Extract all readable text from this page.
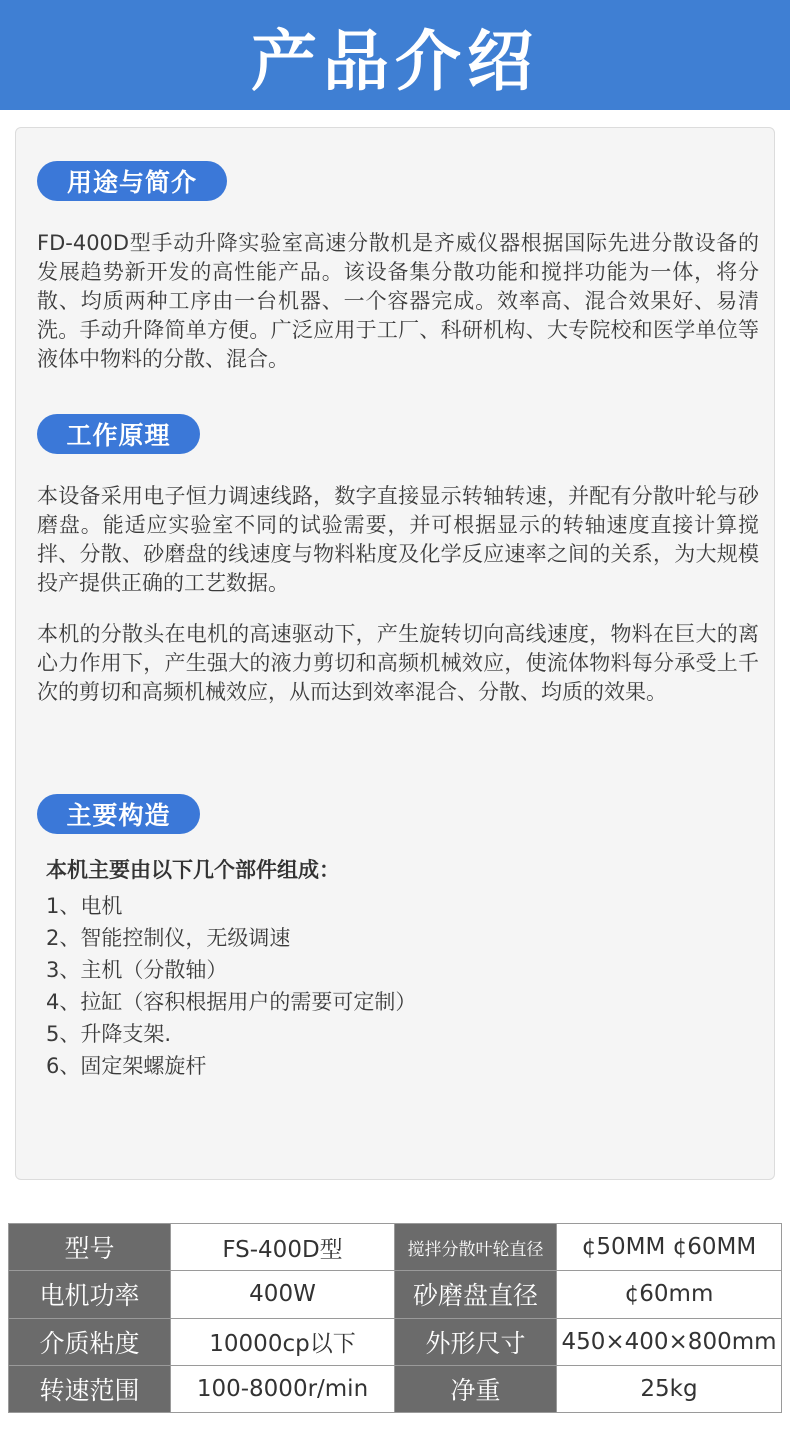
产品介绍
用途与简介

FD-400D型手动升降实验室高速分散机是齐威仪器根据国际先进分散设备的发展趋势新开发的高性能产品。该设备集分散功能和搅拌功能为一体，将分散、均质两种工序由一台机器、一个容器完成。效率高、混合效果好、易清洗。手动升降简单方便。广泛应用于工厂、科研机构、大专院校和医学单位等液体中物料的分散、混合。

工作原理

本设备采用电子恒力调速线路，数字直接显示转轴转速，并配有分散叶轮与砂磨盘。能适应实验室不同的试验需要，并可根据显示的转轴速度直接计算搅拌、分散、砂磨盘的线速度与物料粘度及化学反应速率之间的关系，为大规模投产提供正确的工艺数据。

本机的分散头在电机的高速驱动下，产生旋转切向高线速度，物料在巨大的离心力作用下，产生强大的液力剪切和高频机械效应，使流体物料每分承受上千次的剪切和高频机械效应，从而达到效率混合、分散、均质的效果。

主要构造

本机主要由以下几个部件组成：

1、电机
2、智能控制仪，无级调速
3、主机（分散轴）
4、拉缸（容积根据用户的需要可定制）
5、升降支架.
6、固定架螺旋杆
型号	FS-400D型	搅拌分散叶轮直径	¢50MM ¢60MM
电机功率	400W	砂磨盘直径	¢60mm
介质粘度	10000cp以下	外形尺寸	450×400×800mm
转速范围	100-8000r/min	净重	25kg
